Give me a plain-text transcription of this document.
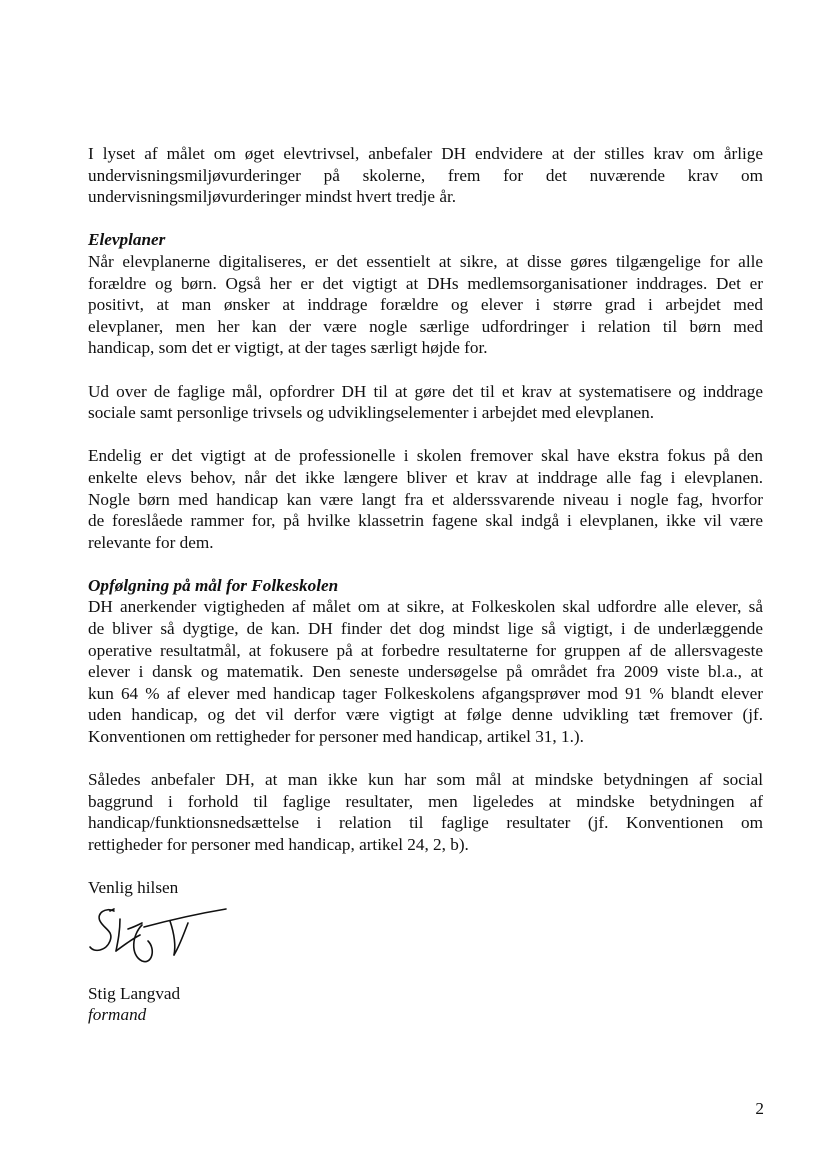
I lyset af målet om øget elevtrivsel, anbefaler DH endvidere at der stilles krav om årlige
undervisningsmiljøvurderinger på skolerne, frem for det nuværende krav om
undervisningsmiljøvurderinger mindst hvert tredje år.

Elevplaner
Når elevplanerne digitaliseres, er det essentielt at sikre, at disse gøres tilgængelige for alle
forældre og børn. Også her er det vigtigt at DHs medlemsorganisationer inddrages. Det er
positivt, at man ønsker at inddrage forældre og elever i større grad i arbejdet med
elevplaner, men her kan der være nogle særlige udfordringer i relation til børn med
handicap, som det er vigtigt, at der tages særligt højde for.

Ud over de faglige mål, opfordrer DH til at gøre det til et krav at systematisere og inddrage
sociale samt personlige trivsels og udviklingselementer i arbejdet med elevplanen.

Endelig er det vigtigt at de professionelle i skolen fremover skal have ekstra fokus på den
enkelte elevs behov, når det ikke længere bliver et krav at inddrage alle fag i elevplanen.
Nogle børn med handicap kan være langt fra et alderssvarende niveau i nogle fag, hvorfor
de foreslåede rammer for, på hvilke klassetrin fagene skal indgå i elevplanen, ikke vil være
relevante for dem.

Opfølgning på mål for Folkeskolen
DH anerkender vigtigheden af målet om at sikre, at Folkeskolen skal udfordre alle elever, så
de bliver så dygtige, de kan. DH finder det dog mindst lige så vigtigt, i de underlæggende
operative resultatmål, at fokusere på at forbedre resultaterne for gruppen af de allersvageste
elever i dansk og matematik. Den seneste undersøgelse på området fra 2009 viste bl.a., at
kun 64 % af elever med handicap tager Folkeskolens afgangsprøver mod 91 % blandt elever
uden handicap, og det vil derfor være vigtigt at følge denne udvikling tæt fremover (jf.
Konventionen om rettigheder for personer med handicap, artikel 31, 1.).

Således anbefaler DH, at man ikke kun har som mål at mindske betydningen af social
baggrund i forhold til faglige resultater, men ligeledes at mindske betydningen af
handicap/funktionsnedsættelse i relation til faglige resultater (jf. Konventionen om
rettigheder for personer med handicap, artikel 24, 2, b).

Venlig hilsen

Stig Langvad

formand

2
